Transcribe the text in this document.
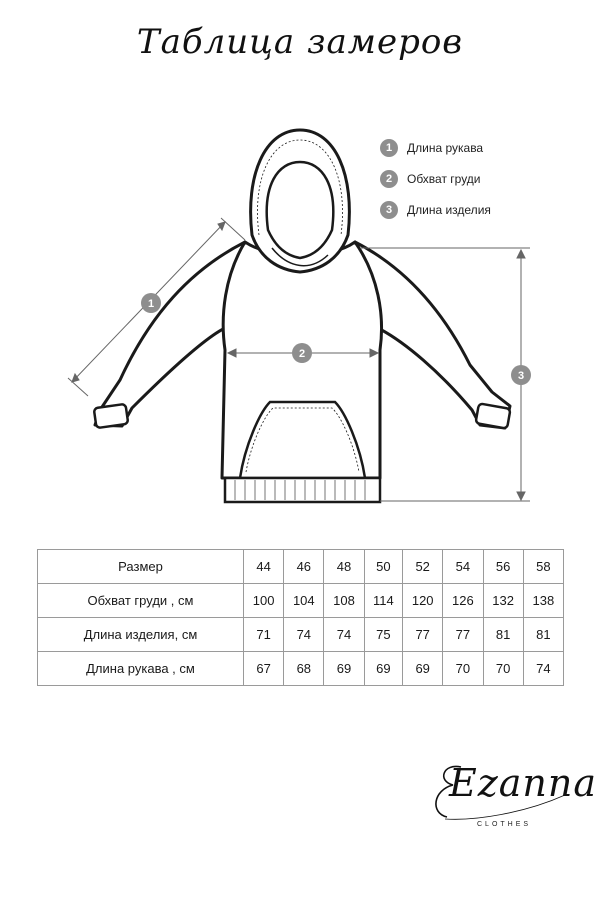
Таблица замеров
1
2
3
1	Длина рукава
2	Обхват груди
3	Длина изделия
Размер	44	46	48	50	52	54	56	58
Обхват груди , см	100	104	108	114	120	126	132	138
Длина изделия, см	71	74	74	75	77	77	81	81
Длина рукава , см	67	68	69	69	69	70	70	74
Ezanna
CLOTHES
